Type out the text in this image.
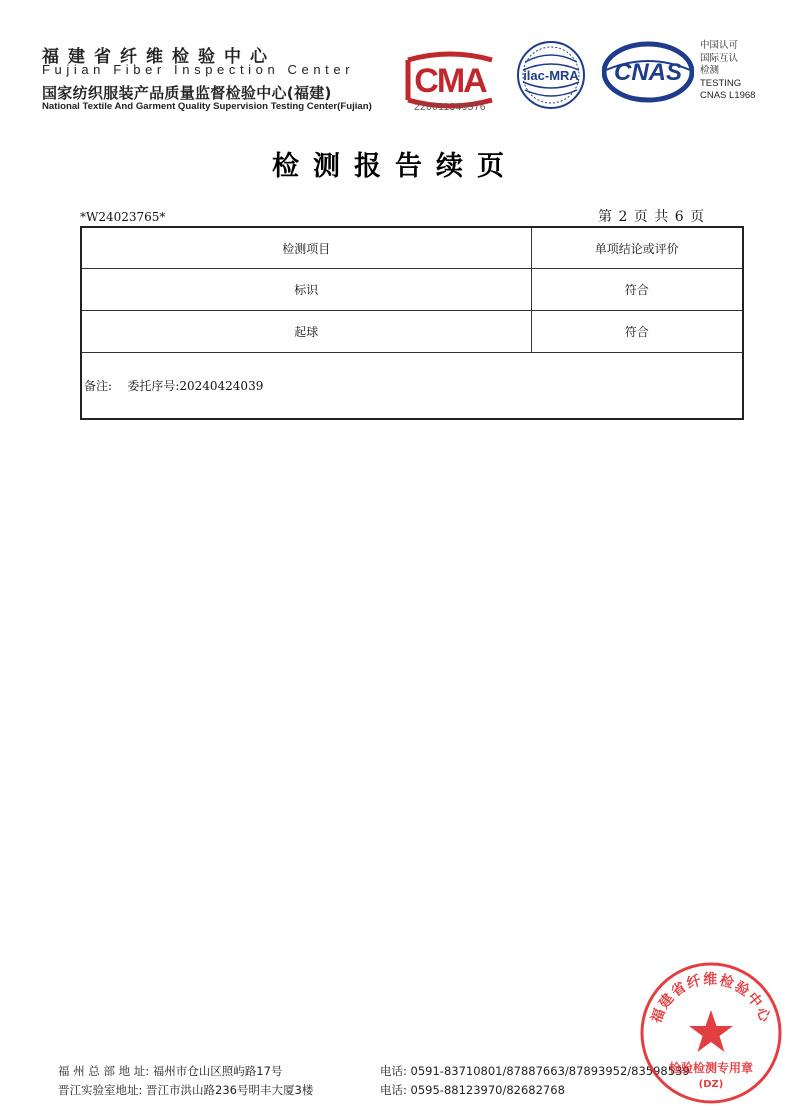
福建省纤维检验中心
Fujian Fiber Inspection Center
国家纺织服装产品质量监督检验中心(福建)
National Textile And Garment Quality Supervision Testing Center(Fujian)
CMA
220011349576
ilac-MRA CNAS
中国认可
国际互认
检测
TESTING
CNAS L1968
检测报告续页
*W24023765*	第 2 页 共 6 页
检测项目	单项结论或评价
标识	符合
起球	符合
备注: 委托序号:20240424039	
福 州 总 部 地 址: 福州市仓山区照屿路17号	电话: 0591-83710801/87887663/87893952/83598539
晋江实验室地址: 晋江市洪山路236号明丰大厦3楼	电话: 0595-88123970/82682768
福建省纤维检验中心
检验检测专用章
(DZ)
